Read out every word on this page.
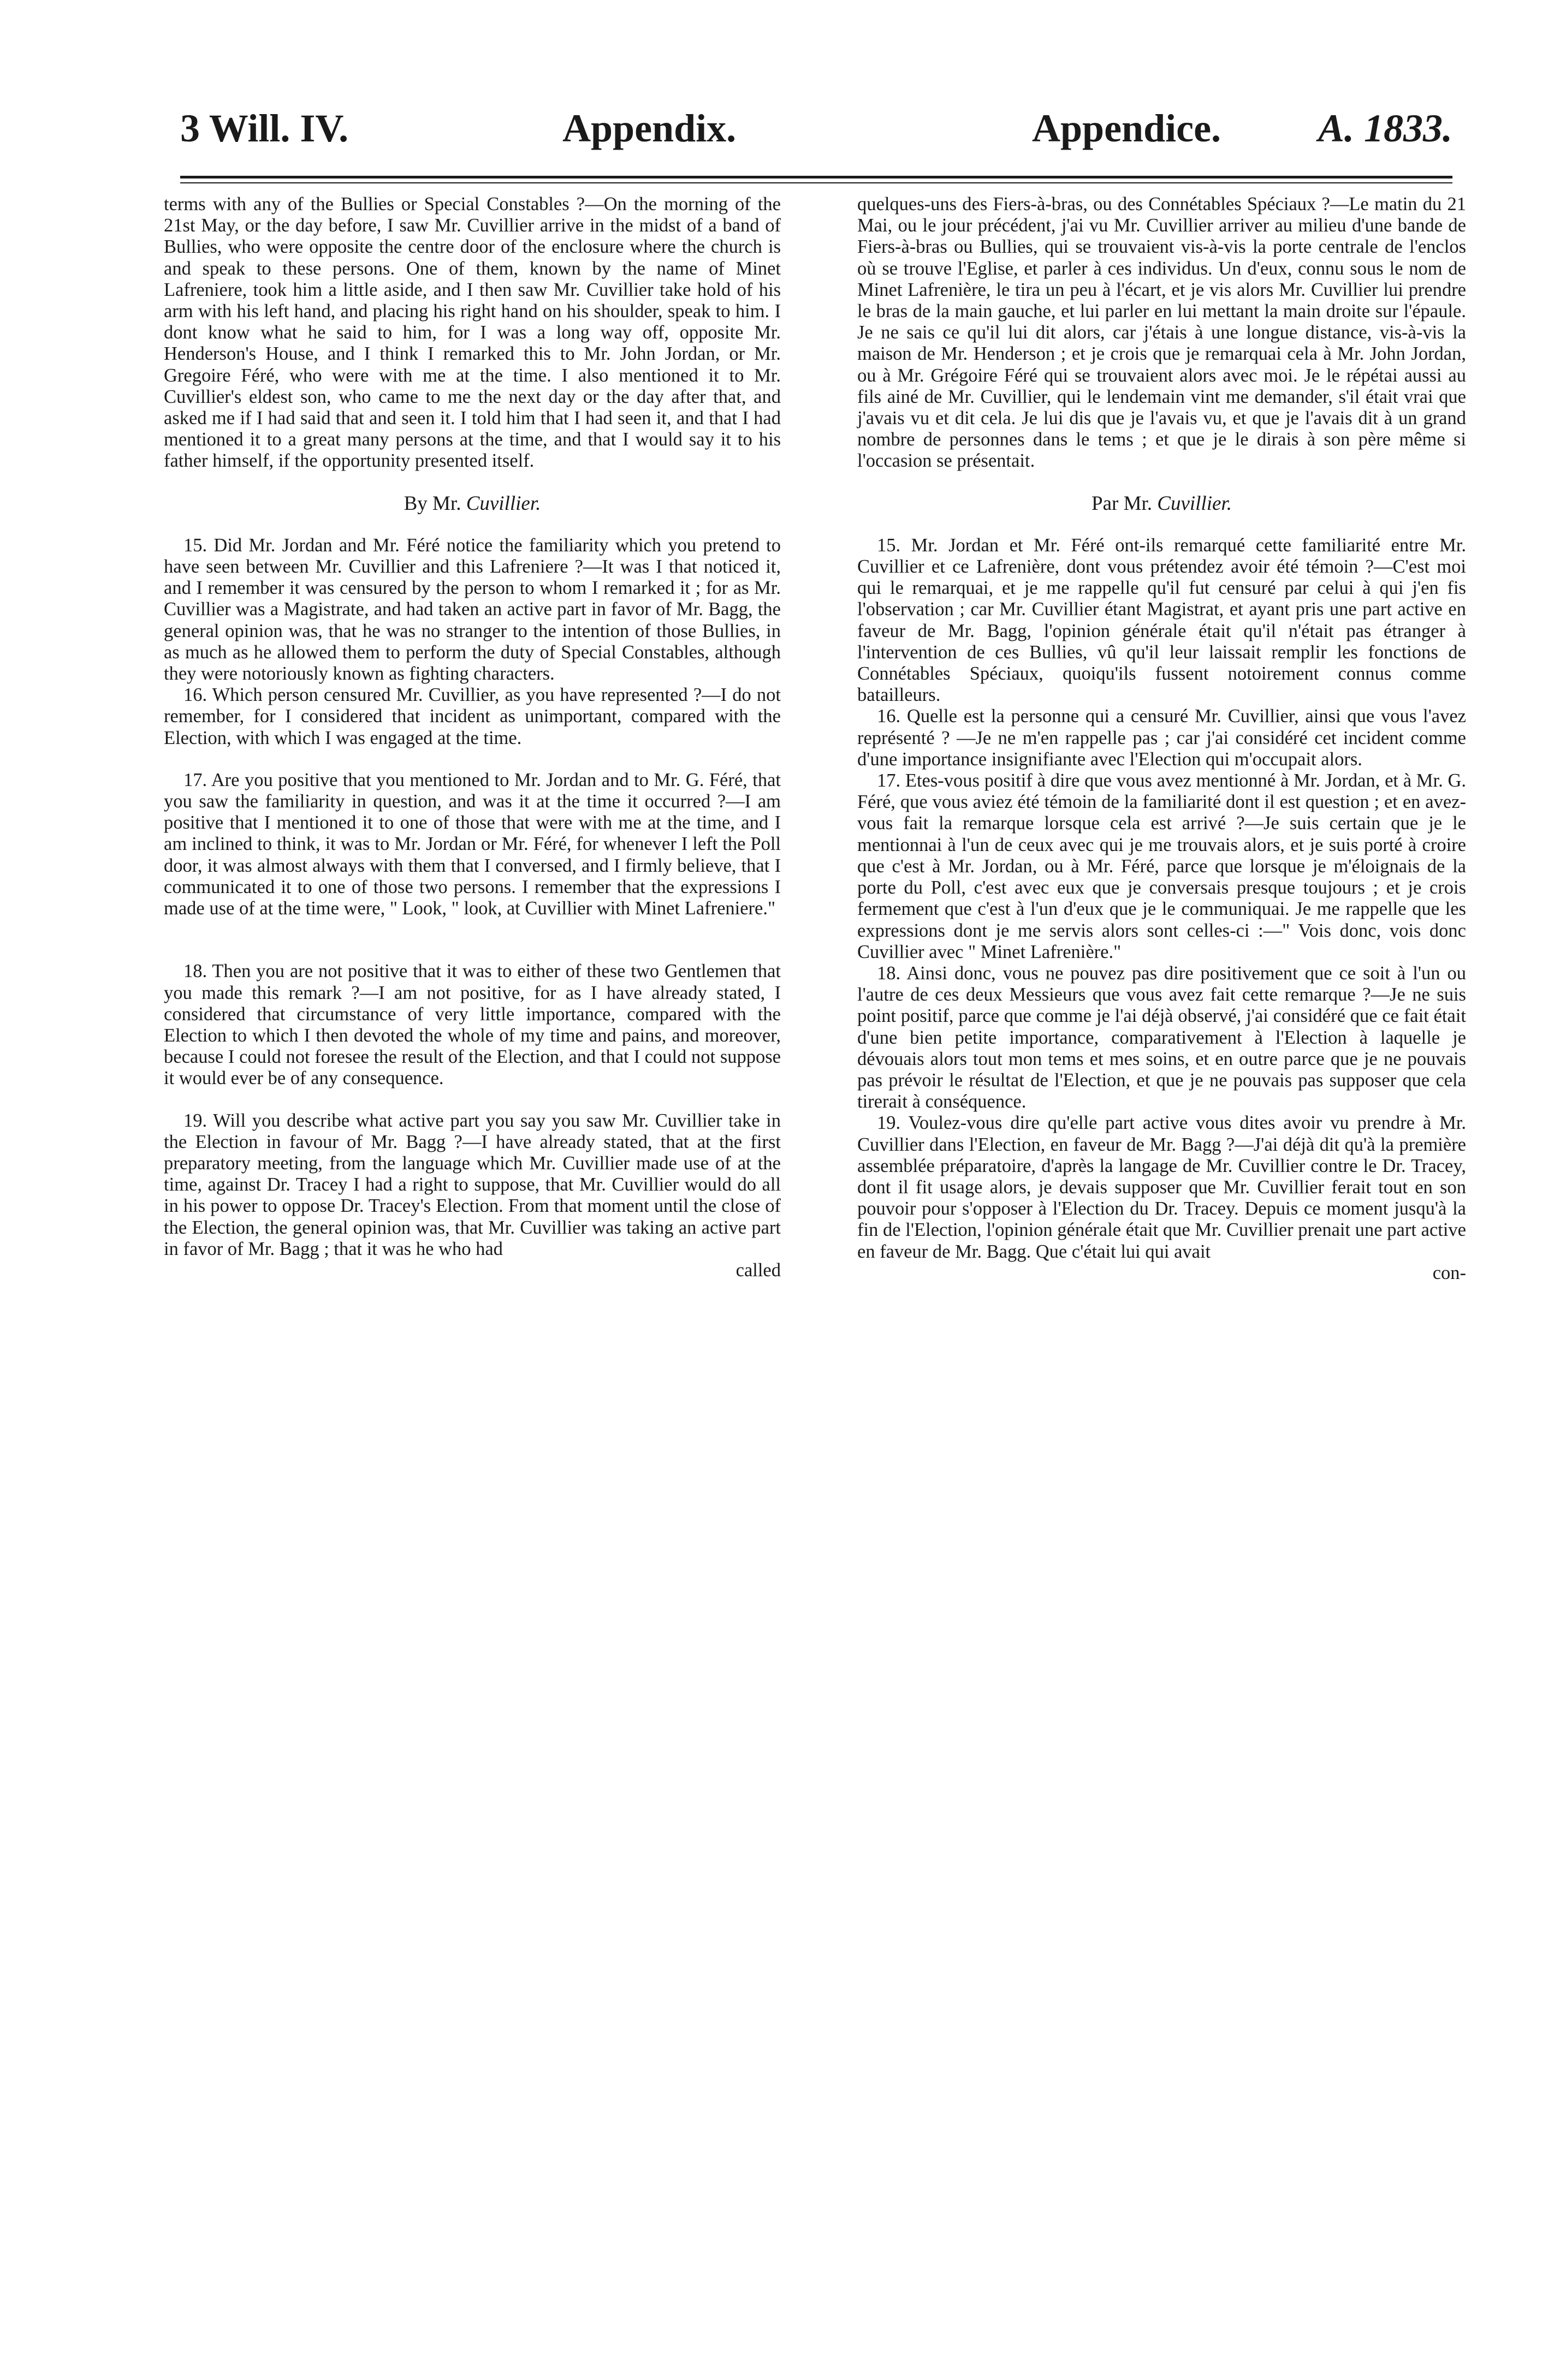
3 Will. IV.	Appendix.	Appendice. A. 1833.

terms with any of the Bullies or Special Constables ?—On the morning of the 21st May, or the day before, I saw Mr. Cuvillier arrive in the midst of a band of Bullies, who were opposite the centre door of the enclosure where the church is and speak to these persons. One of them, known by the name of Minet Lafreniere, took him a little aside, and I then saw Mr. Cuvillier take hold of his arm with his left hand, and placing his right hand on his shoulder, speak to him. I dont know what he said to him, for I was a long way off, opposite Mr. Henderson's House, and I think I remarked this to Mr. John Jordan, or Mr. Gregoire Féré, who were with me at the time. I also mentioned it to Mr. Cuvillier's eldest son, who came to me the next day or the day after that, and asked me if I had said that and seen it. I told him that I had seen it, and that I had mentioned it to a great many persons at the time, and that I would say it to his father himself, if the opportunity presented itself.

By Mr. Cuvillier.

15. Did Mr. Jordan and Mr. Féré notice the familiarity which you pretend to have seen between Mr. Cuvillier and this Lafreniere ?—It was I that noticed it, and I remember it was censured by the person to whom I remarked it ; for as Mr. Cuvillier was a Magistrate, and had taken an active part in favor of Mr. Bagg, the general opinion was, that he was no stranger to the intention of those Bullies, in as much as he allowed them to perform the duty of Special Constables, although they were notoriously known as fighting characters.

16. Which person censured Mr. Cuvillier, as you have represented ?—I do not remember, for I considered that incident as unimportant, compared with the Election, with which I was engaged at the time.

17. Are you positive that you mentioned to Mr. Jordan and to Mr. G. Féré, that you saw the familiarity in question, and was it at the time it occurred ?—I am positive that I mentioned it to one of those that were with me at the time, and I am inclined to think, it was to Mr. Jordan or Mr. Féré, for whenever I left the Poll door, it was almost always with them that I conversed, and I firmly believe, that I communicated it to one of those two persons. I remember that the expressions I made use of at the time were, " Look, " look, at Cuvillier with Minet Lafreniere."

18. Then you are not positive that it was to either of these two Gentlemen that you made this remark ?—I am not positive, for as I have already stated, I considered that circumstance of very little importance, compared with the Election to which I then devoted the whole of my time and pains, and moreover, because I could not foresee the result of the Election, and that I could not suppose it would ever be of any consequence.

19. Will you describe what active part you say you saw Mr. Cuvillier take in the Election in favour of Mr. Bagg ?—I have already stated, that at the first preparatory meeting, from the language which Mr. Cuvillier made use of at the time, against Dr. Tracey I had a right to suppose, that Mr. Cuvillier would do all in his power to oppose Dr. Tracey's Election. From that moment until the close of the Election, the general opinion was, that Mr. Cuvillier was taking an active part in favor of Mr. Bagg ; that it was he who had

called

quelques-uns des Fiers-à-bras, ou des Connétables Spéciaux ?—Le matin du 21 Mai, ou le jour précédent, j'ai vu Mr. Cuvillier arriver au milieu d'une bande de Fiers-à-bras ou Bullies, qui se trouvaient vis-à-vis la porte centrale de l'enclos où se trouve l'Eglise, et parler à ces individus. Un d'eux, connu sous le nom de Minet Lafrenière, le tira un peu à l'écart, et je vis alors Mr. Cuvillier lui prendre le bras de la main gauche, et lui parler en lui mettant la main droite sur l'épaule. Je ne sais ce qu'il lui dit alors, car j'étais à une longue distance, vis-à-vis la maison de Mr. Henderson ; et je crois que je remarquai cela à Mr. John Jordan, ou à Mr. Grégoire Féré qui se trouvaient alors avec moi. Je le répétai aussi au fils ainé de Mr. Cuvillier, qui le lendemain vint me demander, s'il était vrai que j'avais vu et dit cela. Je lui dis que je l'avais vu, et que je l'avais dit à un grand nombre de personnes dans le tems ; et que je le dirais à son père même si l'occasion se présentait.

Par Mr. Cuvillier.

15. Mr. Jordan et Mr. Féré ont-ils remarqué cette familiarité entre Mr. Cuvillier et ce Lafrenière, dont vous prétendez avoir été témoin ?—C'est moi qui le remarquai, et je me rappelle qu'il fut censuré par celui à qui j'en fis l'observation ; car Mr. Cuvillier étant Magistrat, et ayant pris une part active en faveur de Mr. Bagg, l'opinion générale était qu'il n'était pas étranger à l'intervention de ces Bullies, vû qu'il leur laissait remplir les fonctions de Connétables Spéciaux, quoiqu'ils fussent notoirement connus comme batailleurs.

16. Quelle est la personne qui a censuré Mr. Cuvillier, ainsi que vous l'avez représenté ? —Je ne m'en rappelle pas ; car j'ai considéré cet incident comme d'une importance insignifiante avec l'Election qui m'occupait alors.

17. Etes-vous positif à dire que vous avez mentionné à Mr. Jordan, et à Mr. G. Féré, que vous aviez été témoin de la familiarité dont il est question ; et en avez-vous fait la remarque lorsque cela est arrivé ?—Je suis certain que je le mentionnai à l'un de ceux avec qui je me trouvais alors, et je suis porté à croire que c'est à Mr. Jordan, ou à Mr. Féré, parce que lorsque je m'éloignais de la porte du Poll, c'est avec eux que je conversais presque toujours ; et je crois fermement que c'est à l'un d'eux que je le communiquai. Je me rappelle que les expressions dont je me servis alors sont celles-ci :—" Vois donc, vois donc Cuvillier avec " Minet Lafrenière."

18. Ainsi donc, vous ne pouvez pas dire positivement que ce soit à l'un ou l'autre de ces deux Messieurs que vous avez fait cette remarque ?—Je ne suis point positif, parce que comme je l'ai déjà observé, j'ai considéré que ce fait était d'une bien petite importance, comparativement à l'Election à laquelle je dévouais alors tout mon tems et mes soins, et en outre parce que je ne pouvais pas prévoir le résultat de l'Election, et que je ne pouvais pas supposer que cela tirerait à conséquence.

19. Voulez-vous dire qu'elle part active vous dites avoir vu prendre à Mr. Cuvillier dans l'Election, en faveur de Mr. Bagg ?—J'ai déjà dit qu'à la première assemblée préparatoire, d'après la langage de Mr. Cuvillier contre le Dr. Tracey, dont il fit usage alors, je devais supposer que Mr. Cuvillier ferait tout en son pouvoir pour s'opposer à l'Election du Dr. Tracey. Depuis ce moment jusqu'à la fin de l'Election, l'opinion générale était que Mr. Cuvillier prenait une part active en faveur de Mr. Bagg. Que c'était lui qui avait

con-
